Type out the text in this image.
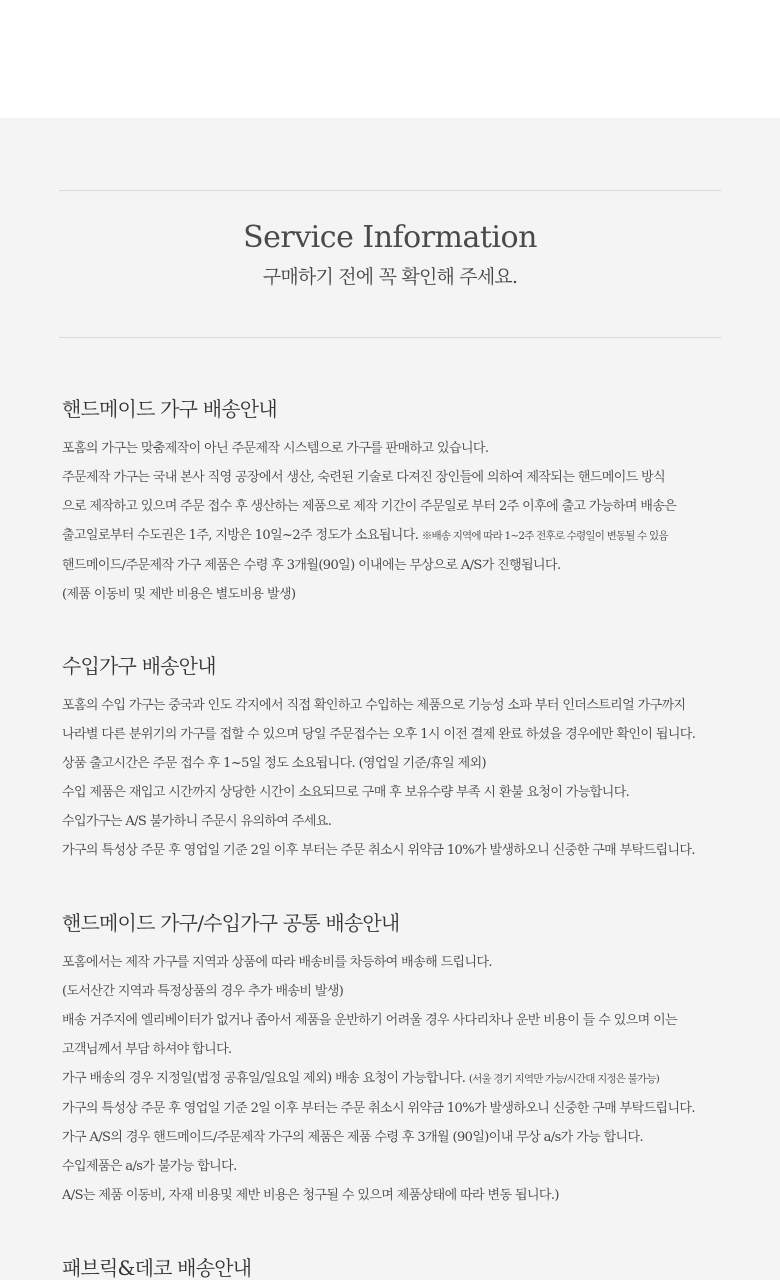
Service Information
구매하기 전에 꼭 확인해 주세요.
핸드메이드 가구 배송안내
포홈의 가구는 맞춤제작이 아닌 주문제작 시스템으로 가구를 판매하고 있습니다.
주문제작 가구는 국내 본사 직영 공장에서 생산, 숙련된 기술로 다져진 장인들에 의하여 제작되는 핸드메이드 방식
으로 제작하고 있으며 주문 접수 후 생산하는 제품으로 제작 기간이 주문일로 부터 2주 이후에 출고 가능하며 배송은
출고일로부터 수도권은 1주, 지방은 10일~2주 정도가 소요됩니다. ※배송 지역에 따라 1~2주 전후로 수령일이 변동될 수 있음
핸드메이드/주문제작 가구 제품은 수령 후 3개월(90일) 이내에는 무상으로 A/S가 진행됩니다.
(제품 이동비 및 제반 비용은 별도비용 발생)
수입가구 배송안내
포홈의 수입 가구는 중국과 인도 각지에서 직접 확인하고 수입하는 제품으로 기능성 소파 부터 인더스트리얼 가구까지
나라별 다른 분위기의 가구를 접할 수 있으며 당일 주문접수는 오후 1시 이전 결제 완료 하셨을 경우에만 확인이 됩니다.
상품 출고시간은 주문 접수 후 1~5일 정도 소요됩니다. (영업일 기준/휴일 제외)
수입 제품은 재입고 시간까지 상당한 시간이 소요되므로 구매 후 보유수량 부족 시 환불 요청이 가능합니다.
수입가구는 A/S 불가하니 주문시 유의하여 주세요.
가구의 특성상 주문 후 영업일 기준 2일 이후 부터는 주문 취소시 위약금 10%가 발생하오니 신중한 구매 부탁드립니다.
핸드메이드 가구/수입가구 공통 배송안내
포홈에서는 제작 가구를 지역과 상품에 따라 배송비를 차등하여 배송해 드립니다.
(도서산간 지역과 특정상품의 경우 추가 배송비 발생)
배송 거주지에 엘리베이터가 없거나 좁아서 제품을 운반하기 어려울 경우 사다리차나 운반 비용이 들 수 있으며 이는
고객님께서 부담 하셔야 합니다.
가구 배송의 경우 지정일(법정 공휴일/일요일 제외) 배송 요청이 가능합니다. (서울 경기 지역만 가능/시간대 지정은 불가능)
가구의 특성상 주문 후 영업일 기준 2일 이후 부터는 주문 취소시 위약금 10%가 발생하오니 신중한 구매 부탁드립니다.
가구 A/S의 경우 핸드메이드/주문제작 가구의 제품은 제품 수령 후 3개월 (90일)이내 무상 a/s가 가능 합니다.
수입제품은 a/s가 불가능 합니다.
A/S는 제품 이동비, 자재 비용및 제반 비용은 청구될 수 있으며 제품상태에 따라 변동 됩니다.)
패브릭&데코 배송안내
